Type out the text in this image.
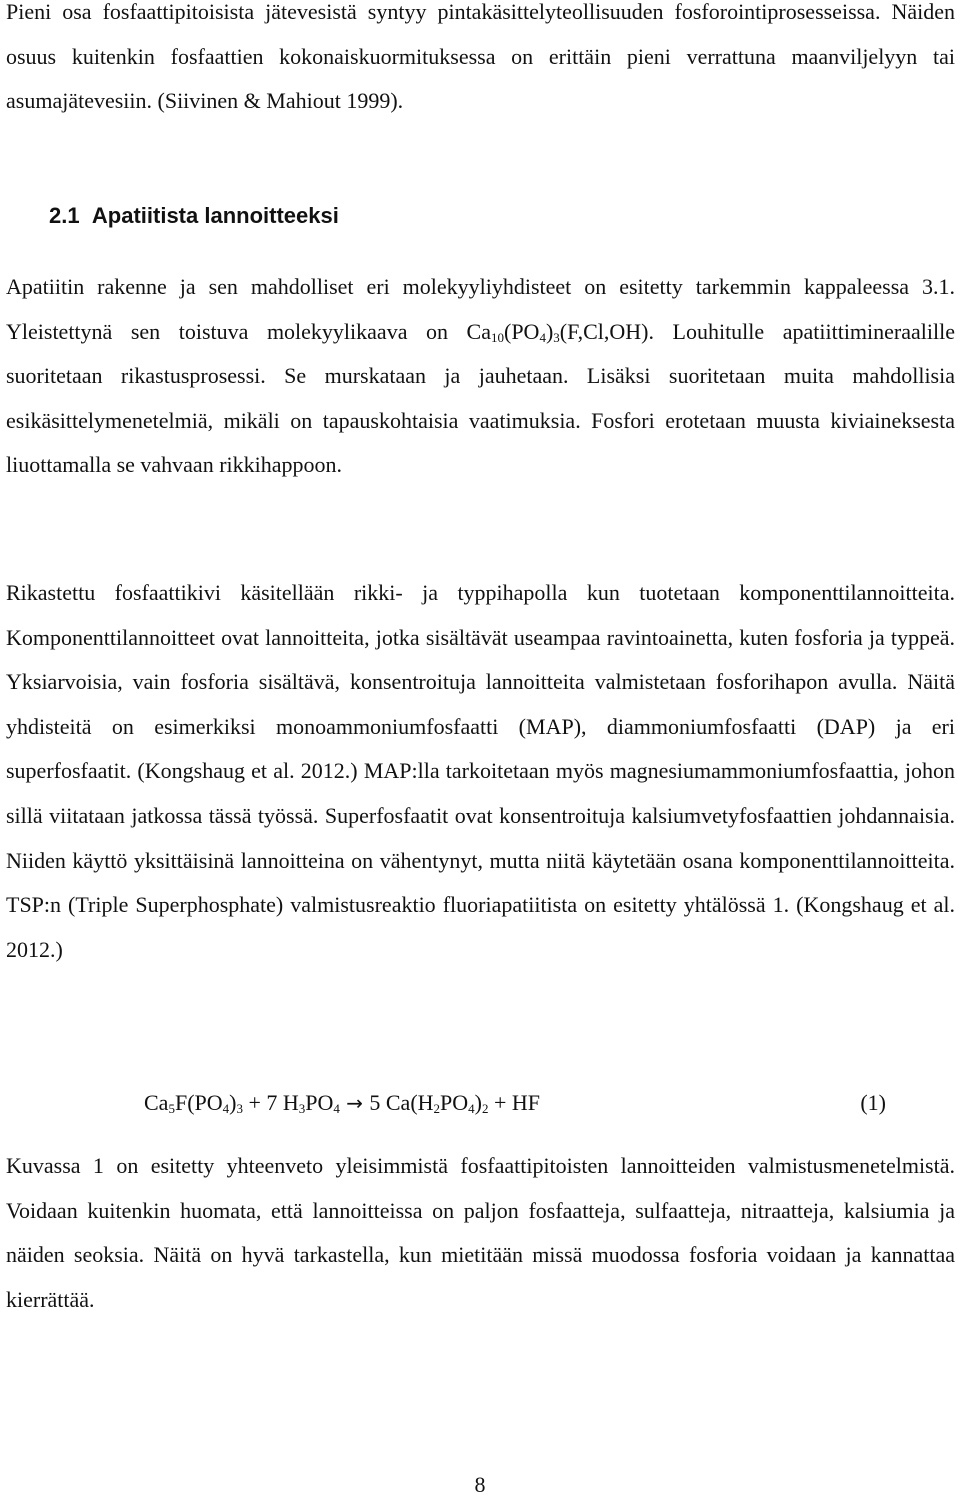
Pieni osa fosfaattipitoisista jätevesistä syntyy pintakäsittelyteollisuuden fosforointiprosesseissa. Näiden osuus kuitenkin fosfaattien kokonaiskuormituksessa on erittäin pieni verrattuna maanviljelyyn tai asumajätevesiin. (Siivinen & Mahiout 1999).

2.1 Apatiitista lannoitteeksi

Apatiitin rakenne ja sen mahdolliset eri molekyyliyhdisteet on esitetty tarkemmin kappaleessa 3.1. Yleistettynä sen toistuva molekyylikaava on $Ca_{10}(PO_4)_3(F,Cl,OH)$. Louhitulle apatiittimineraalille suoritetaan rikastusprosessi. Se murskataan ja jauhetaan. Lisäksi suoritetaan muita mahdollisia esikäsittelymenetelmiä, mikäli on tapauskohtaisia vaatimuksia. Fosfori erotetaan muusta kiviaineksesta liuottamalla se vahvaan rikkihappoon.

Rikastettu fosfaattikivi käsitellään rikki- ja typpihapolla kun tuotetaan komponenttilannoitteita. Komponenttilannoitteet ovat lannoitteita, jotka sisältävät useampaa ravintoainetta, kuten fosforia ja typpeä. Yksiarvoisia, vain fosforia sisältävä, konsentroituja lannoitteita valmistetaan fosforihapon avulla. Näitä yhdisteitä on esimerkiksi monoammoniumfosfaatti (MAP), diammoniumfosfaatti (DAP) ja eri superfosfaatit. (Kongshaug et al. 2012.) MAP:lla tarkoitetaan myös magnesiumammoniumfosfaattia, johon sillä viitataan jatkossa tässä työssä. Superfosfaatit ovat konsentroituja kalsiumvetyfosfaattien johdannaisia. Niiden käyttö yksittäisinä lannoitteina on vähentynyt, mutta niitä käytetään osana komponenttilannoitteita. TSP:n (Triple Superphosphate) valmistusreaktio fluoriapatiitista on esitetty yhtälössä 1. (Kongshaug et al. 2012.)

$Ca_5F(PO_4)_3 + 7$ $H_3PO_4 \to 5$ $Ca(H_2PO_4)_2$ + HF	(1)

Kuvassa 1 on esitetty yhteenveto yleisimmistä fosfaattipitoisten lannoitteiden valmistusmenetelmistä. Voidaan kuitenkin huomata, että lannoitteissa on paljon fosfaatteja, sulfaatteja, nitraatteja, kalsiumia ja näiden seoksia. Näitä on hyvä tarkastella, kun mietitään missä muodossa fosforia voidaan ja kannattaa kierrättää.

8
